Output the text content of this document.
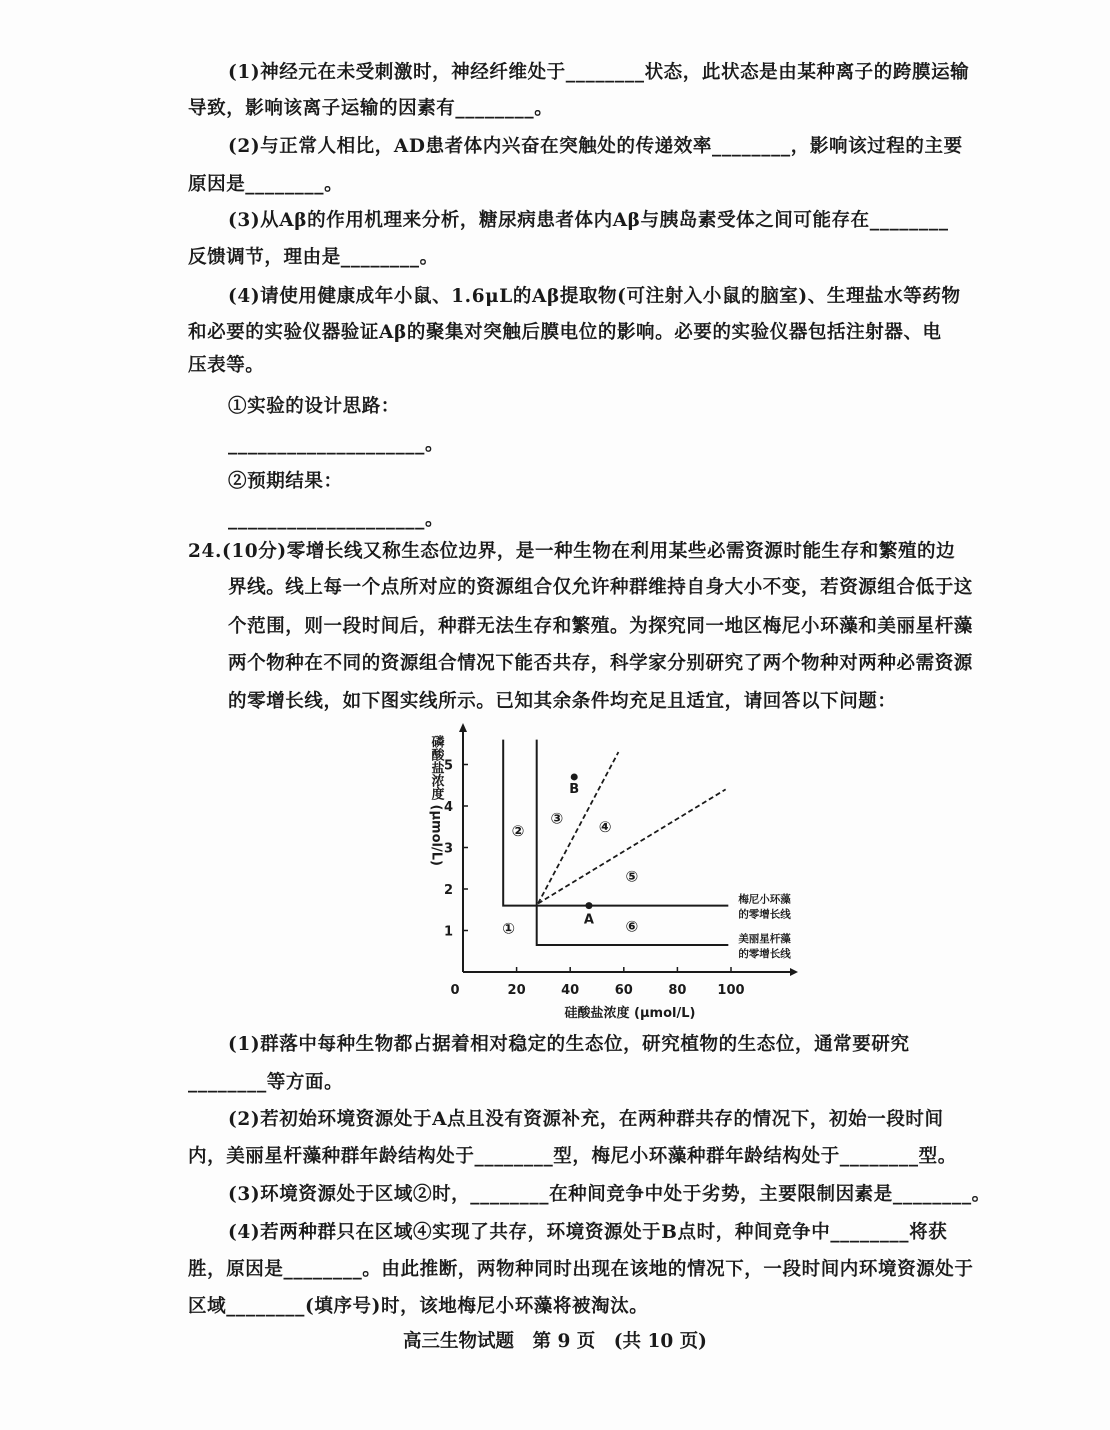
(1)神经元在未受刺激时，神经纤维处于________状态，此状态是由某种离子的跨膜运输
导致，影响该离子运输的因素有________。
(2)与正常人相比，AD患者体内兴奋在突触处的传递效率________，影响该过程的主要
原因是________。
(3)从Aβ的作用机理来分析，糖尿病患者体内Aβ与胰岛素受体之间可能存在________
反馈调节，理由是________。
(4)请使用健康成年小鼠、1.6μL的Aβ提取物(可注射入小鼠的脑室)、生理盐水等药物
和必要的实验仪器验证Aβ的聚集对突触后膜电位的影响。必要的实验仪器包括注射器、电
压表等。
①实验的设计思路：
____________________。
②预期结果：
____________________。
24.(10分)零增长线又称生态位边界，是一种生物在利用某些必需资源时能生存和繁殖的边
界线。线上每一个点所对应的资源组合仅允许种群维持自身大小不变，若资源组合低于这
个范围，则一段时间后，种群无法生存和繁殖。为探究同一地区梅尼小环藻和美丽星杆藻
两个物种在不同的资源组合情况下能否共存，科学家分别研究了两个物种对两种必需资源
的零增长线，如下图实线所示。已知其余条件均充足且适宜，请回答以下问题：
(1)群落中每种生物都占据着相对稳定的生态位，研究植物的生态位，通常要研究
________等方面。
(2)若初始环境资源处于A点且没有资源补充，在两种群共存的情况下，初始一段时间
内，美丽星杆藻种群年龄结构处于________型，梅尼小环藻种群年龄结构处于________型。
(3)环境资源处于区域②时，________在种间竞争中处于劣势，主要限制因素是________。
(4)若两种群只在区域④实现了共存，环境资源处于B点时，种间竞争中________将获
胜，原因是________。由此推断，两物种同时出现在该地的情况下，一段时间内环境资源处于
区域________(填序号)时，该地梅尼小环藻将被淘汰。
0	20	40	60	80 100
1
2
3
4
5
硅酸盐浓度 (μmol/L)
磷酸盐浓度 (μmol/L)
梅尼小环藻
的零增长线
美丽星杆藻
的零增长线
A
B
①
②
③ ④
⑤
⑥
高三生物试题　第 9 页　(共 10 页)
